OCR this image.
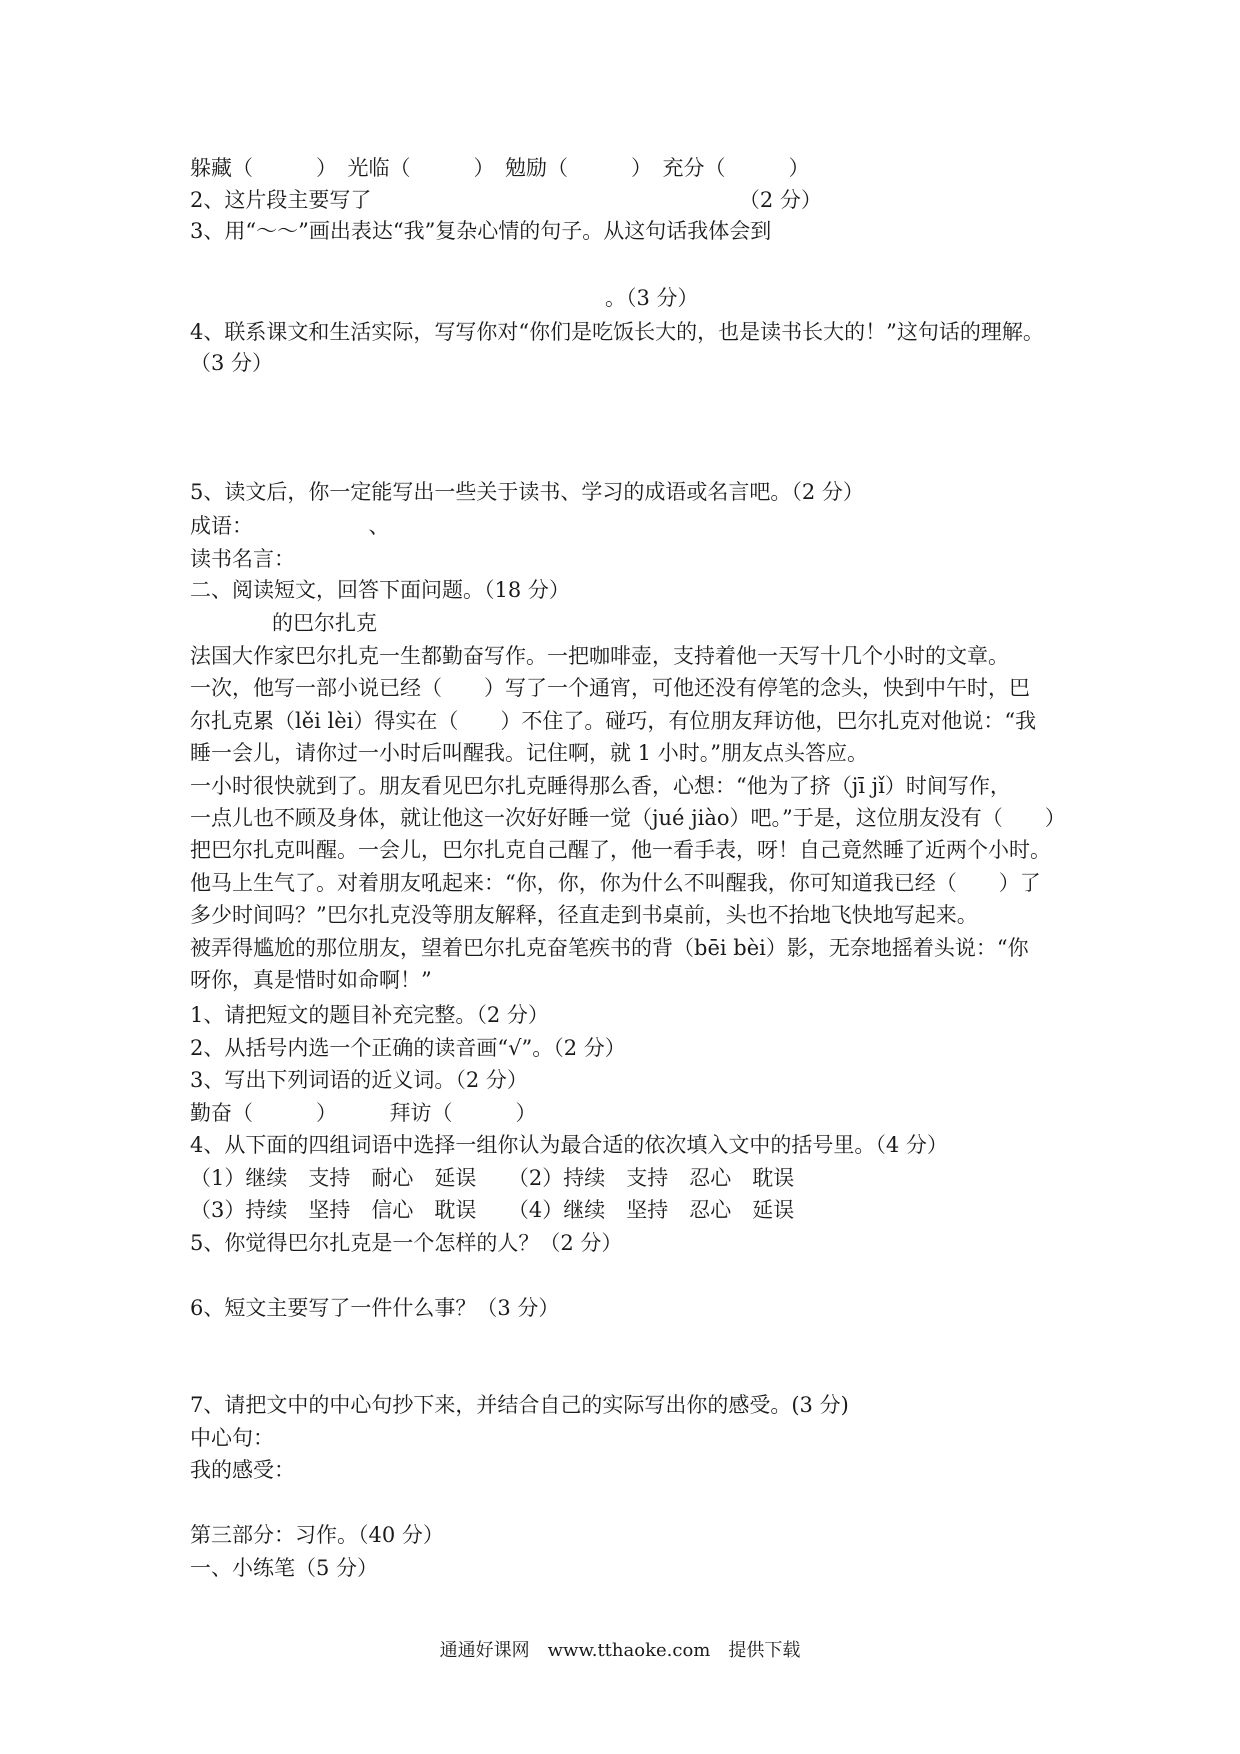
躲藏（　　　）　光临（　　　）　勉励（　　　）　充分（　　　）
2、这片段主要写了　　　　　　　　　　　　　　　　　　（2 分）
3、用“～～”画出表达“我”复杂心情的句子。从这句话我体会到
。（3 分）
4、联系课文和生活实际，写写你对“你们是吃饭长大的，也是读书长大的！”这句话的理解。
（3 分）
5、读文后，你一定能写出一些关于读书、学习的成语或名言吧。（2 分）
成语：　　　　　　、
读书名言：
二、阅读短文，回答下面问题。（18 分）
的巴尔扎克
法国大作家巴尔扎克一生都勤奋写作。一把咖啡壶，支持着他一天写十几个小时的文章。
一次，他写一部小说已经（　　）写了一个通宵，可他还没有停笔的念头，快到中午时，巴
尔扎克累（lěi lèi）得实在（　　）不住了。碰巧，有位朋友拜访他，巴尔扎克对他说：“我
睡一会儿，请你过一小时后叫醒我。记住啊，就 1 小时。”朋友点头答应。
一小时很快就到了。朋友看见巴尔扎克睡得那么香，心想：“他为了挤（jī jǐ）时间写作，
一点儿也不顾及身体，就让他这一次好好睡一觉（jué jiào）吧。”于是，这位朋友没有（　　）
把巴尔扎克叫醒。一会儿，巴尔扎克自己醒了，他一看手表，呀！自己竟然睡了近两个小时。
他马上生气了。对着朋友吼起来：“你，你，你为什么不叫醒我，你可知道我已经（　　）了
多少时间吗？”巴尔扎克没等朋友解释，径直走到书桌前，头也不抬地飞快地写起来。
被弄得尴尬的那位朋友，望着巴尔扎克奋笔疾书的背（bēi bèi）影，无奈地摇着头说：“你
呀你，真是惜时如命啊！”
1、请把短文的题目补充完整。（2 分）
2、从括号内选一个正确的读音画“√”。（2 分）
3、写出下列词语的近义词。（2 分）
勤奋（　　　）　　　拜访（　　　）
4、从下面的四组词语中选择一组你认为最合适的依次填入文中的括号里。（4 分）
（1）继续　支持　耐心　延误　　（2）持续　支持　忍心　耽误
（3）持续　坚持　信心　耽误　　（4）继续　坚持　忍心　延误
5、你觉得巴尔扎克是一个怎样的人？（2 分）
6、短文主要写了一件什么事？（3 分）
7、请把文中的中心句抄下来，并结合自己的实际写出你的感受。(3 分)
中心句：
我的感受：
第三部分：习作。（40 分）
一、小练笔（5 分）
通通好课网　www.tthaoke.com　提供下载
